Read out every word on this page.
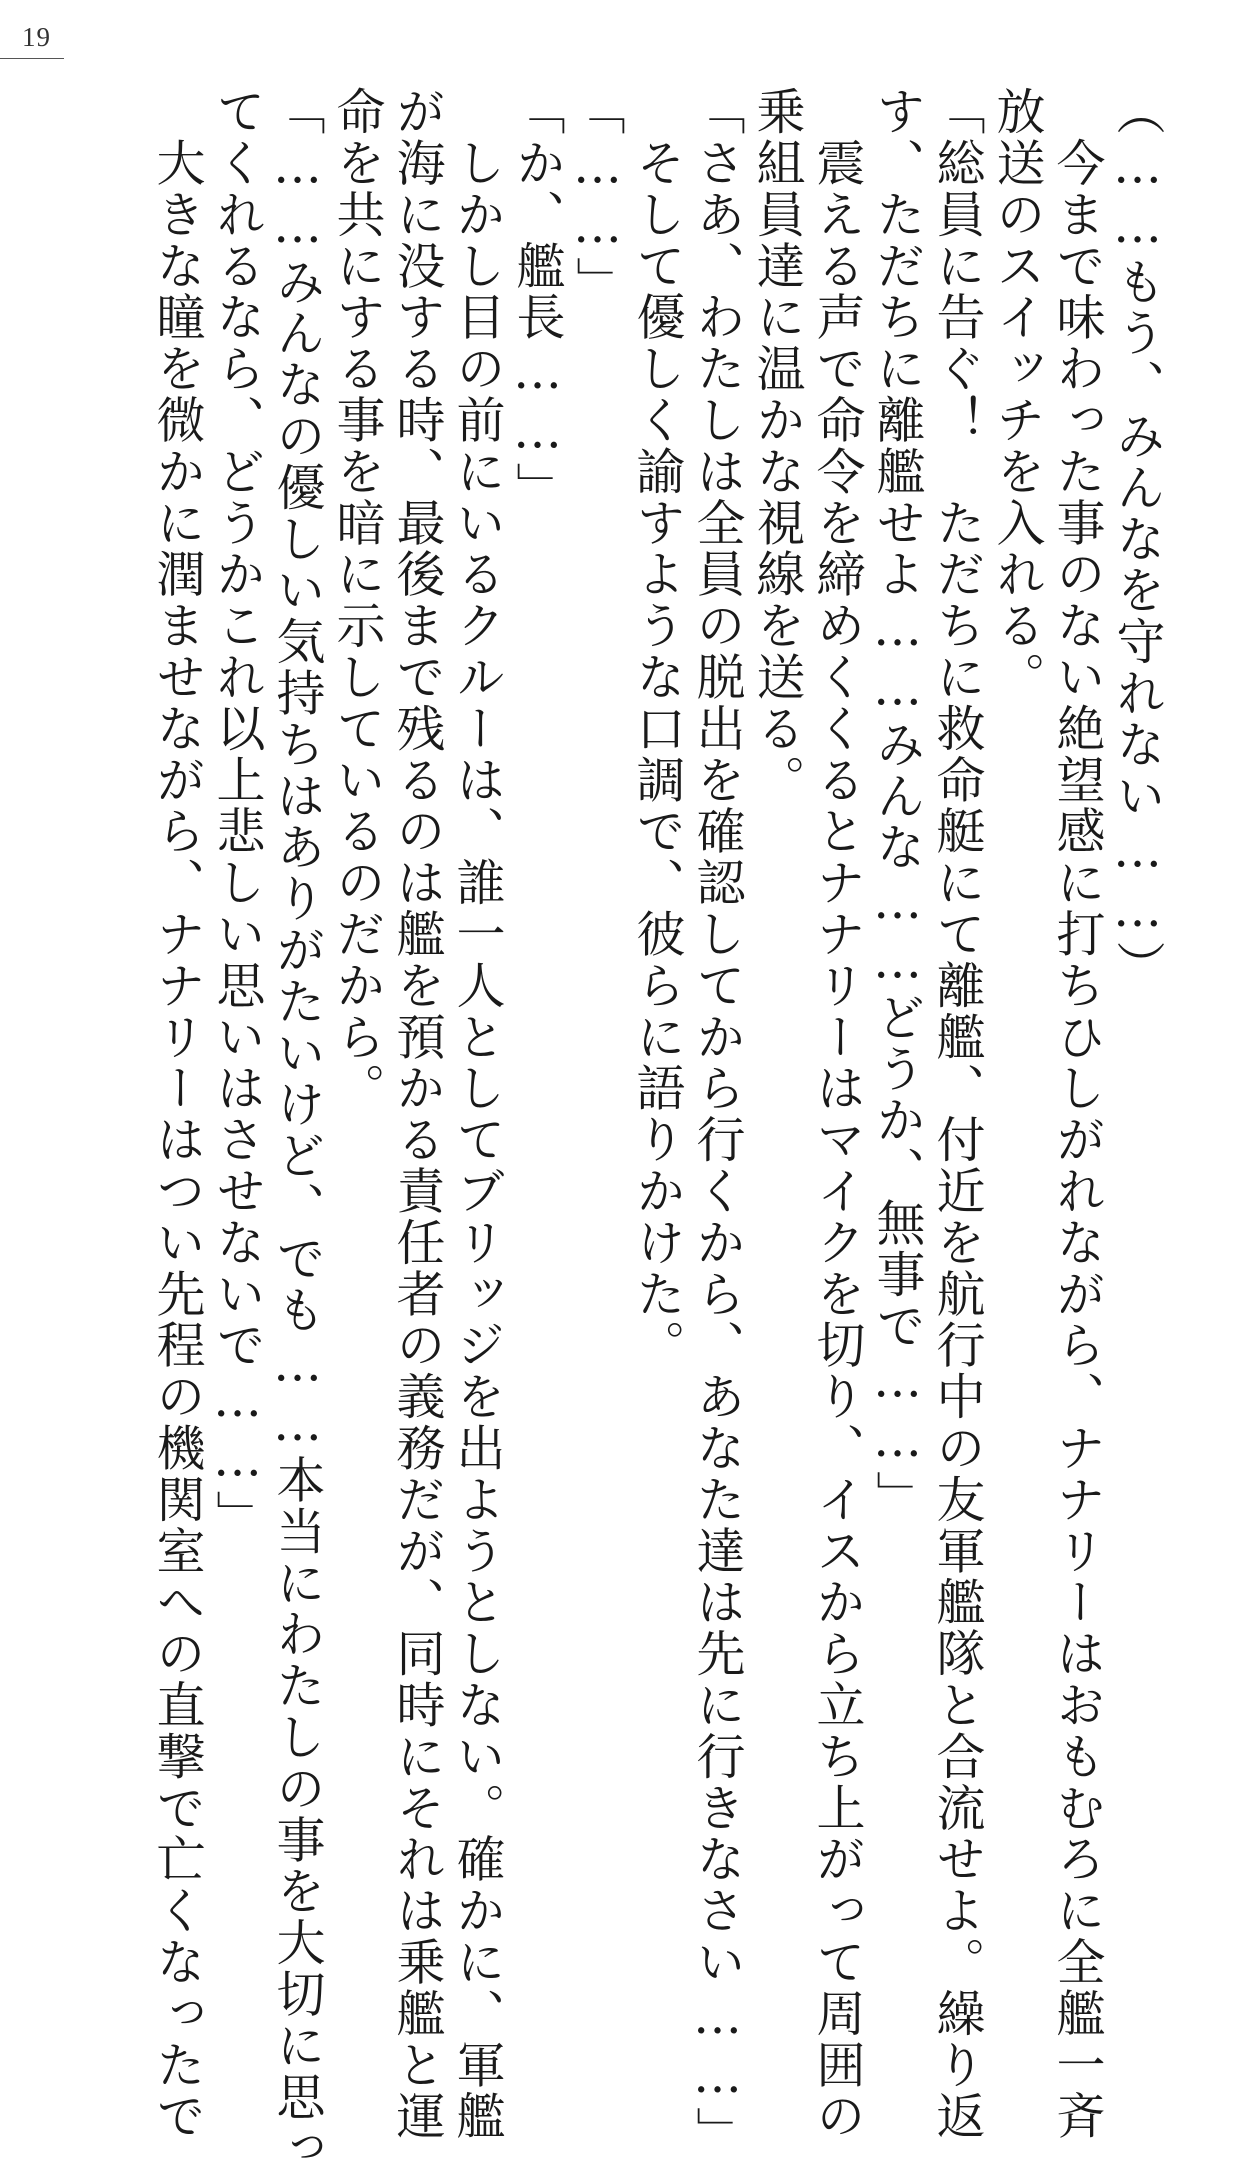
19
（……もう、みんなを守れない……）
　今まで味わった事のない絶望感に打ちひしがれながら、ナナリーはおもむろに全艦一斉
放送のスイッチを入れる。
「総員に告ぐ！　ただちに救命艇にて離艦、付近を航行中の友軍艦隊と合流せよ。繰り返
す、ただちに離艦せよ……みんな……どうか、無事で……」
　震える声で命令を締めくくるとナナリーはマイクを切り、イスから立ち上がって周囲の
乗組員達に温かな視線を送る。
「さあ、わたしは全員の脱出を確認してから行くから、あなた達は先に行きなさい……」
　そして優しく諭すような口調で、彼らに語りかけた。
「……」
「か、艦長……」
　しかし目の前にいるクルーは、誰一人としてブリッジを出ようとしない。確かに、軍艦
が海に没する時、最後まで残るのは艦を預かる責任者の義務だが、同時にそれは乗艦と運
命を共にする事を暗に示しているのだから。
「……みんなの優しい気持ちはありがたいけど、でも……本当にわたしの事を大切に思っ
てくれるなら、どうかこれ以上悲しい思いはさせないで……」
　大きな瞳を微かに潤ませながら、ナナリーはつい先程の機関室への直撃で亡くなったで
